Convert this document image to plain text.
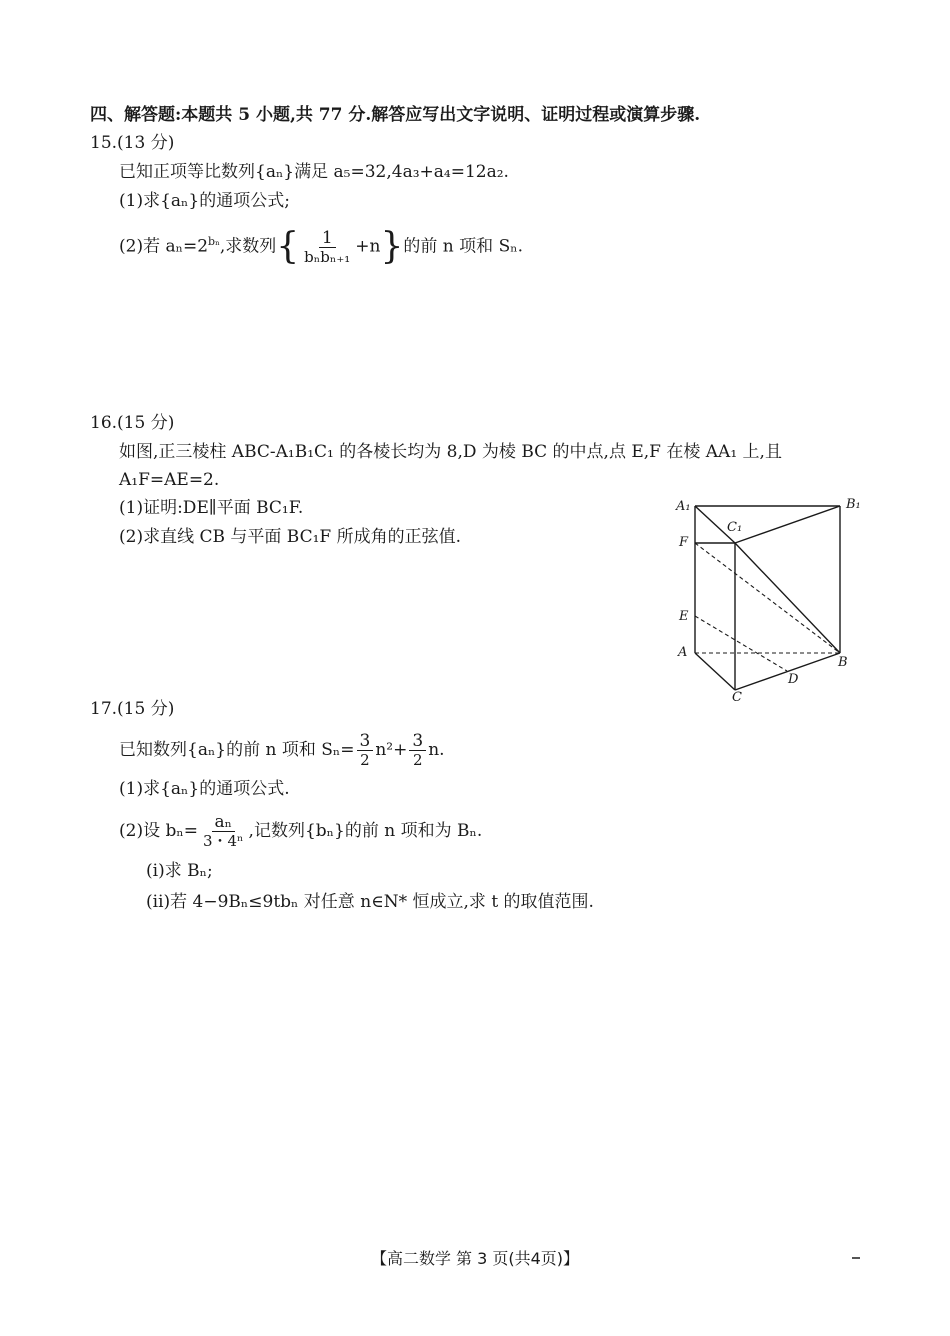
四、解答题:本题共 5 小题,共 77 分.解答应写出文字说明、证明过程或演算步骤.
15.(13 分)
已知正项等比数列{aₙ}满足 a₅=32,4a₃+a₄=12a₂.
(1)求{aₙ}的通项公式;
(2)若 $a_n=2^{b_n}$,求数列{ $\frac{1}{\text{bₙbₙ₊₁}} +n$}的前 n 项和 Sₙ.
16.(15 分)
如图,正三棱柱 ABC-A₁B₁C₁ 的各棱长均为 8,D 为棱 BC 的中点,点 E,F 在棱 AA₁ 上,且
A₁F=AE=2.
(1)证明:DE∥平面 BC₁F.
(2)求直线 CB 与平面 BC₁F 所成角的正弦值.
A₁	B₁
C₁
F
E
A
B
C
D
17.(15 分)
已知数列{aₙ}的前 n 项和 $S_n= \frac{3}{2} n^2+ \frac{3}{2} n$.
(1)求{aₙ}的通项公式.
(2)设 $b_n= \frac{\text{aₙ}}{\text{3・4ⁿ}}$ ,记数列{bₙ}的前 n 项和为 Bₙ.
(ⅰ)求 Bₙ;
(ⅱ)若 4−9Bₙ≤9tbₙ 对任意 n∈N* 恒成立,求 t 的取值范围.
【高二数学 第 3 页(共4页)】
